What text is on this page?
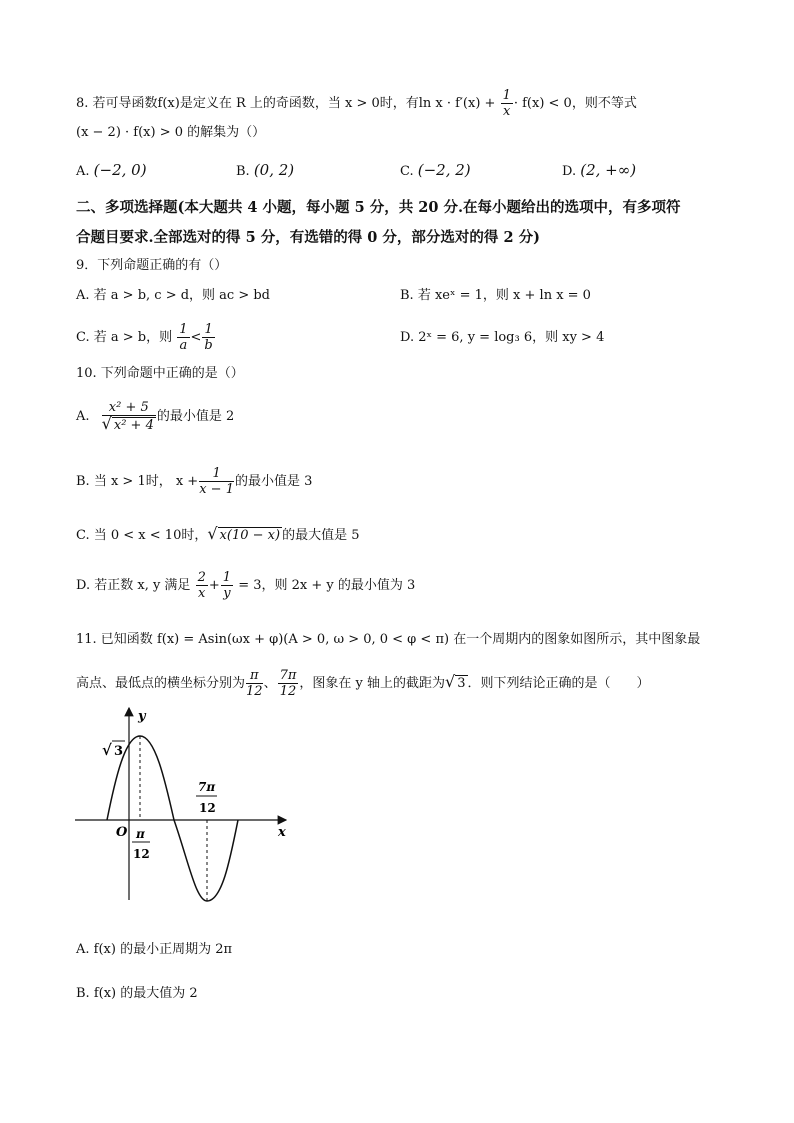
8. 若可导函数f(x)是定义在 R 上的奇函数，当 x > 0时，有$\ln x \cdot f'(x) + \frac{1}{x} \cdot f(x) < 0$，则不等式
(x − 2) · f(x) > 0 的解集为（）
A. (−2, 0)	B. (0, 2)	C. (−2, 2)	D. (2, +∞)
二、多项选择题(本大题共 4 小题，每小题 5 分，共 20 分.在每小题给出的选项中，有多项符
合题目要求.全部选对的得 5 分，有选错的得 0 分，部分选对的得 2 分)
9．下列命题正确的有（）
A. 若 a > b, c > d，则 ac > bd	B. 若 xeˣ = 1，则 x + ln x = 0
C. 若 a > b，则 $\frac{1}{a} < \frac{1}{b}$	D. 2ˣ = 6, y = log₃ 6，则 xy > 4
10. 下列命题中正确的是（）
A. $\frac{\text{x² + 5}}{\text{√ x² + 4}}$ 的最小值是 2
B. 当 x > 1时， $x + \frac{1}{x - 1}$ 的最小值是 3
C. 当 0 < x < 10时，√ x(10 − x) 的最大值是 5
D. 若正数 x, y 满足 $\frac{2}{x} + \frac{1}{y} = 3$，则 2x + y 的最小值为 3
11. 已知函数 f(x) = Asin(ωx + φ)(A > 0, ω > 0, 0 < φ < π) 在一个周期内的图象如图所示，其中图象最
高点、最低点的横坐标分别为 $\frac{\pi}{12}$ 、 $\frac{7\pi}{12}$ ，图象在 y 轴上的截距为√ 3 ．则下列结论正确的是（　　）
y
x
O
√ 3
π
12
7π
12
A. f(x) 的最小正周期为 2π
B. f(x) 的最大值为 2
